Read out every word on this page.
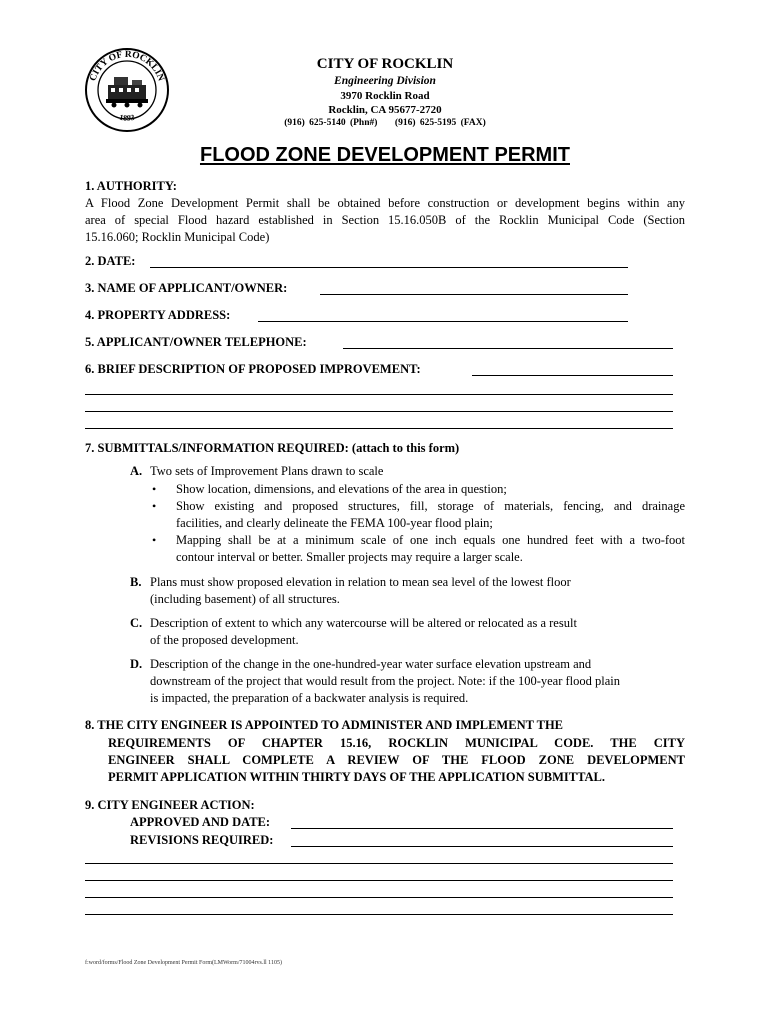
CITY OF ROCKLIN
1893
CITY OF ROCKLIN
Engineering Division
3970 Rocklin Road
Rocklin, CA 95677-2720
(916) 625-5140 (Phn#) (916) 625-5195 (FAX)
FLOOD ZONE DEVELOPMENT PERMIT
1. AUTHORITY:
A Flood Zone Development Permit shall be obtained before construction or development begins within any
area of special Flood hazard established in Section 15.16.050B of the Rocklin Municipal Code (Section
15.16.060; Rocklin Municipal Code)
2. DATE:
3. NAME OF APPLICANT/OWNER:
4. PROPERTY ADDRESS:
5. APPLICANT/OWNER TELEPHONE:
6. BRIEF DESCRIPTION OF PROPOSED IMPROVEMENT:
7. SUBMITTALS/INFORMATION REQUIRED: (attach to this form)
A. Two sets of Improvement Plans drawn to scale
• Show location, dimensions, and elevations of the area in question;
• Show existing and proposed structures, fill, storage of materials, fencing, and drainage
facilities, and clearly delineate the FEMA 100-year flood plain;
• Mapping shall be at a minimum scale of one inch equals one hundred feet with a two-foot
contour interval or better. Smaller projects may require a larger scale.
B. Plans must show proposed elevation in relation to mean sea level of the lowest floor
(including basement) of all structures.
C. Description of extent to which any watercourse will be altered or relocated as a result
of the proposed development.
D. Description of the change in the one-hundred-year water surface elevation upstream and
downstream of the project that would result from the project. Note: if the 100-year flood plain
is impacted, the preparation of a backwater analysis is required.
8. THE CITY ENGINEER IS APPOINTED TO ADMINISTER AND IMPLEMENT THE
REQUIREMENTS OF CHAPTER 15.16, ROCKLIN MUNICIPAL CODE. THE CITY
ENGINEER SHALL COMPLETE A REVIEW OF THE FLOOD ZONE DEVELOPMENT
PERMIT APPLICATION WITHIN THIRTY DAYS OF THE APPLICATION SUBMITTAL.
9. CITY ENGINEER ACTION:
APPROVED AND DATE:
REVISIONS REQUIRED:
f:word/forms/Flood Zone Development Permit Form(LMWorm/71004rvs.ll 1105)
